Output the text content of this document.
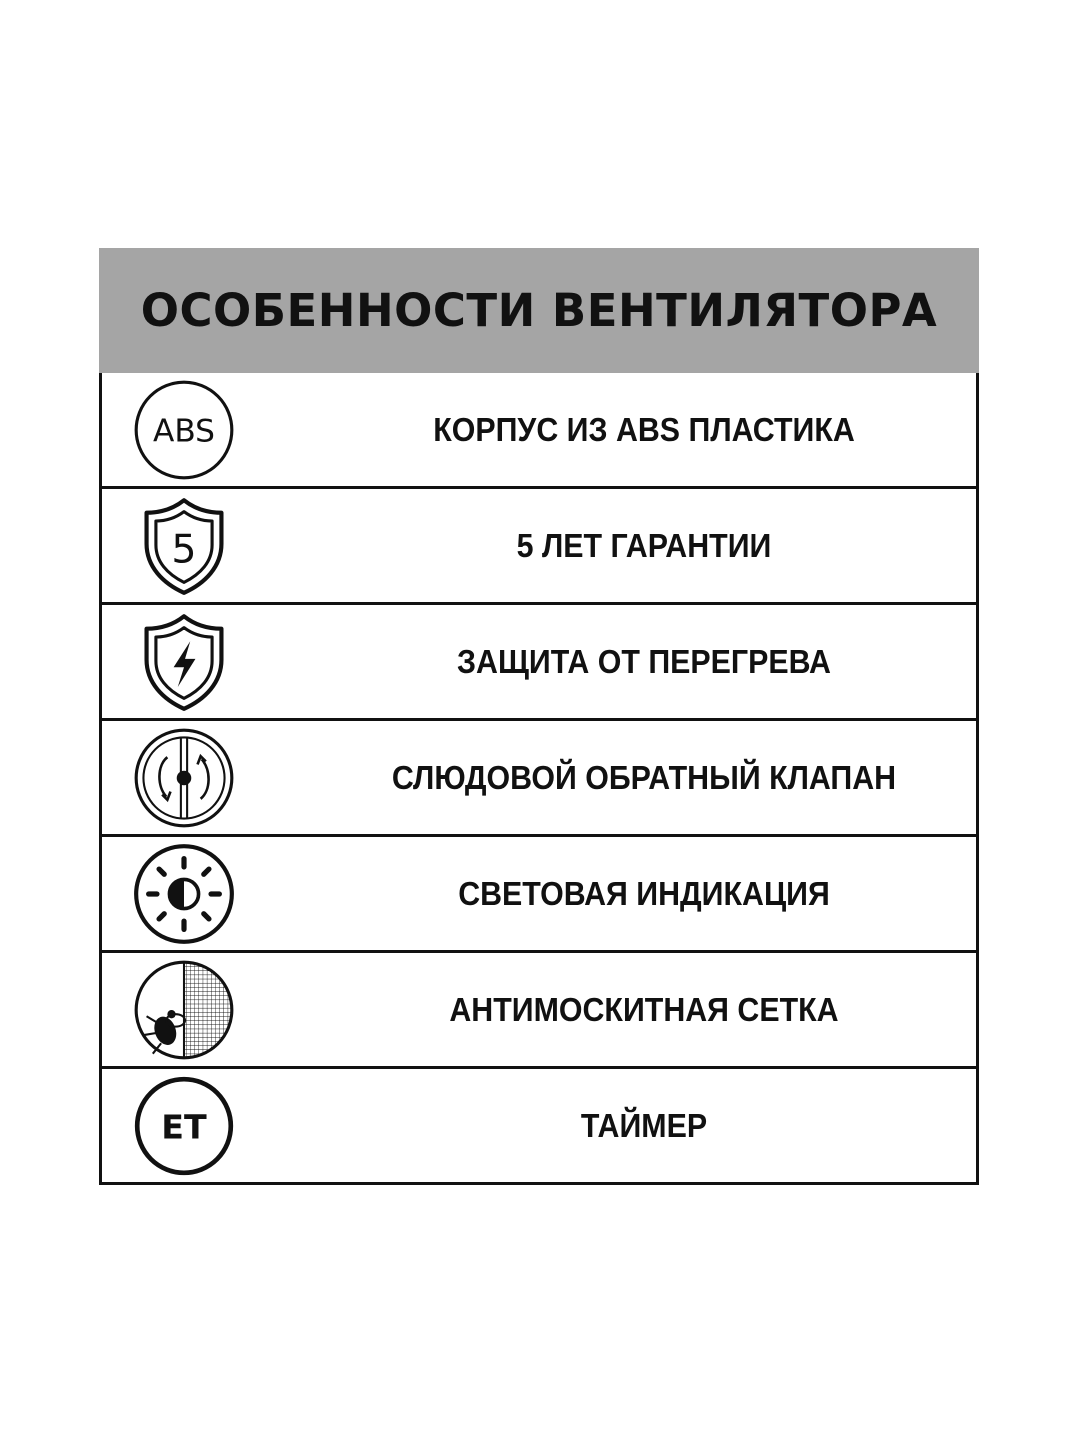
ОСОБЕННОСТИ ВЕНТИЛЯТОРА
ABS	КОРПУС ИЗ ABS ПЛАСТИКА
5	5 ЛЕТ ГАРАНТИИ
ЗАЩИТА ОТ ПЕРЕГРЕВА
СЛЮДОВОЙ ОБРАТНЫЙ КЛАПАН
СВЕТОВАЯ ИНДИКАЦИЯ
АНТИМОСКИТНАЯ СЕТКА
ET	ТАЙМЕР
